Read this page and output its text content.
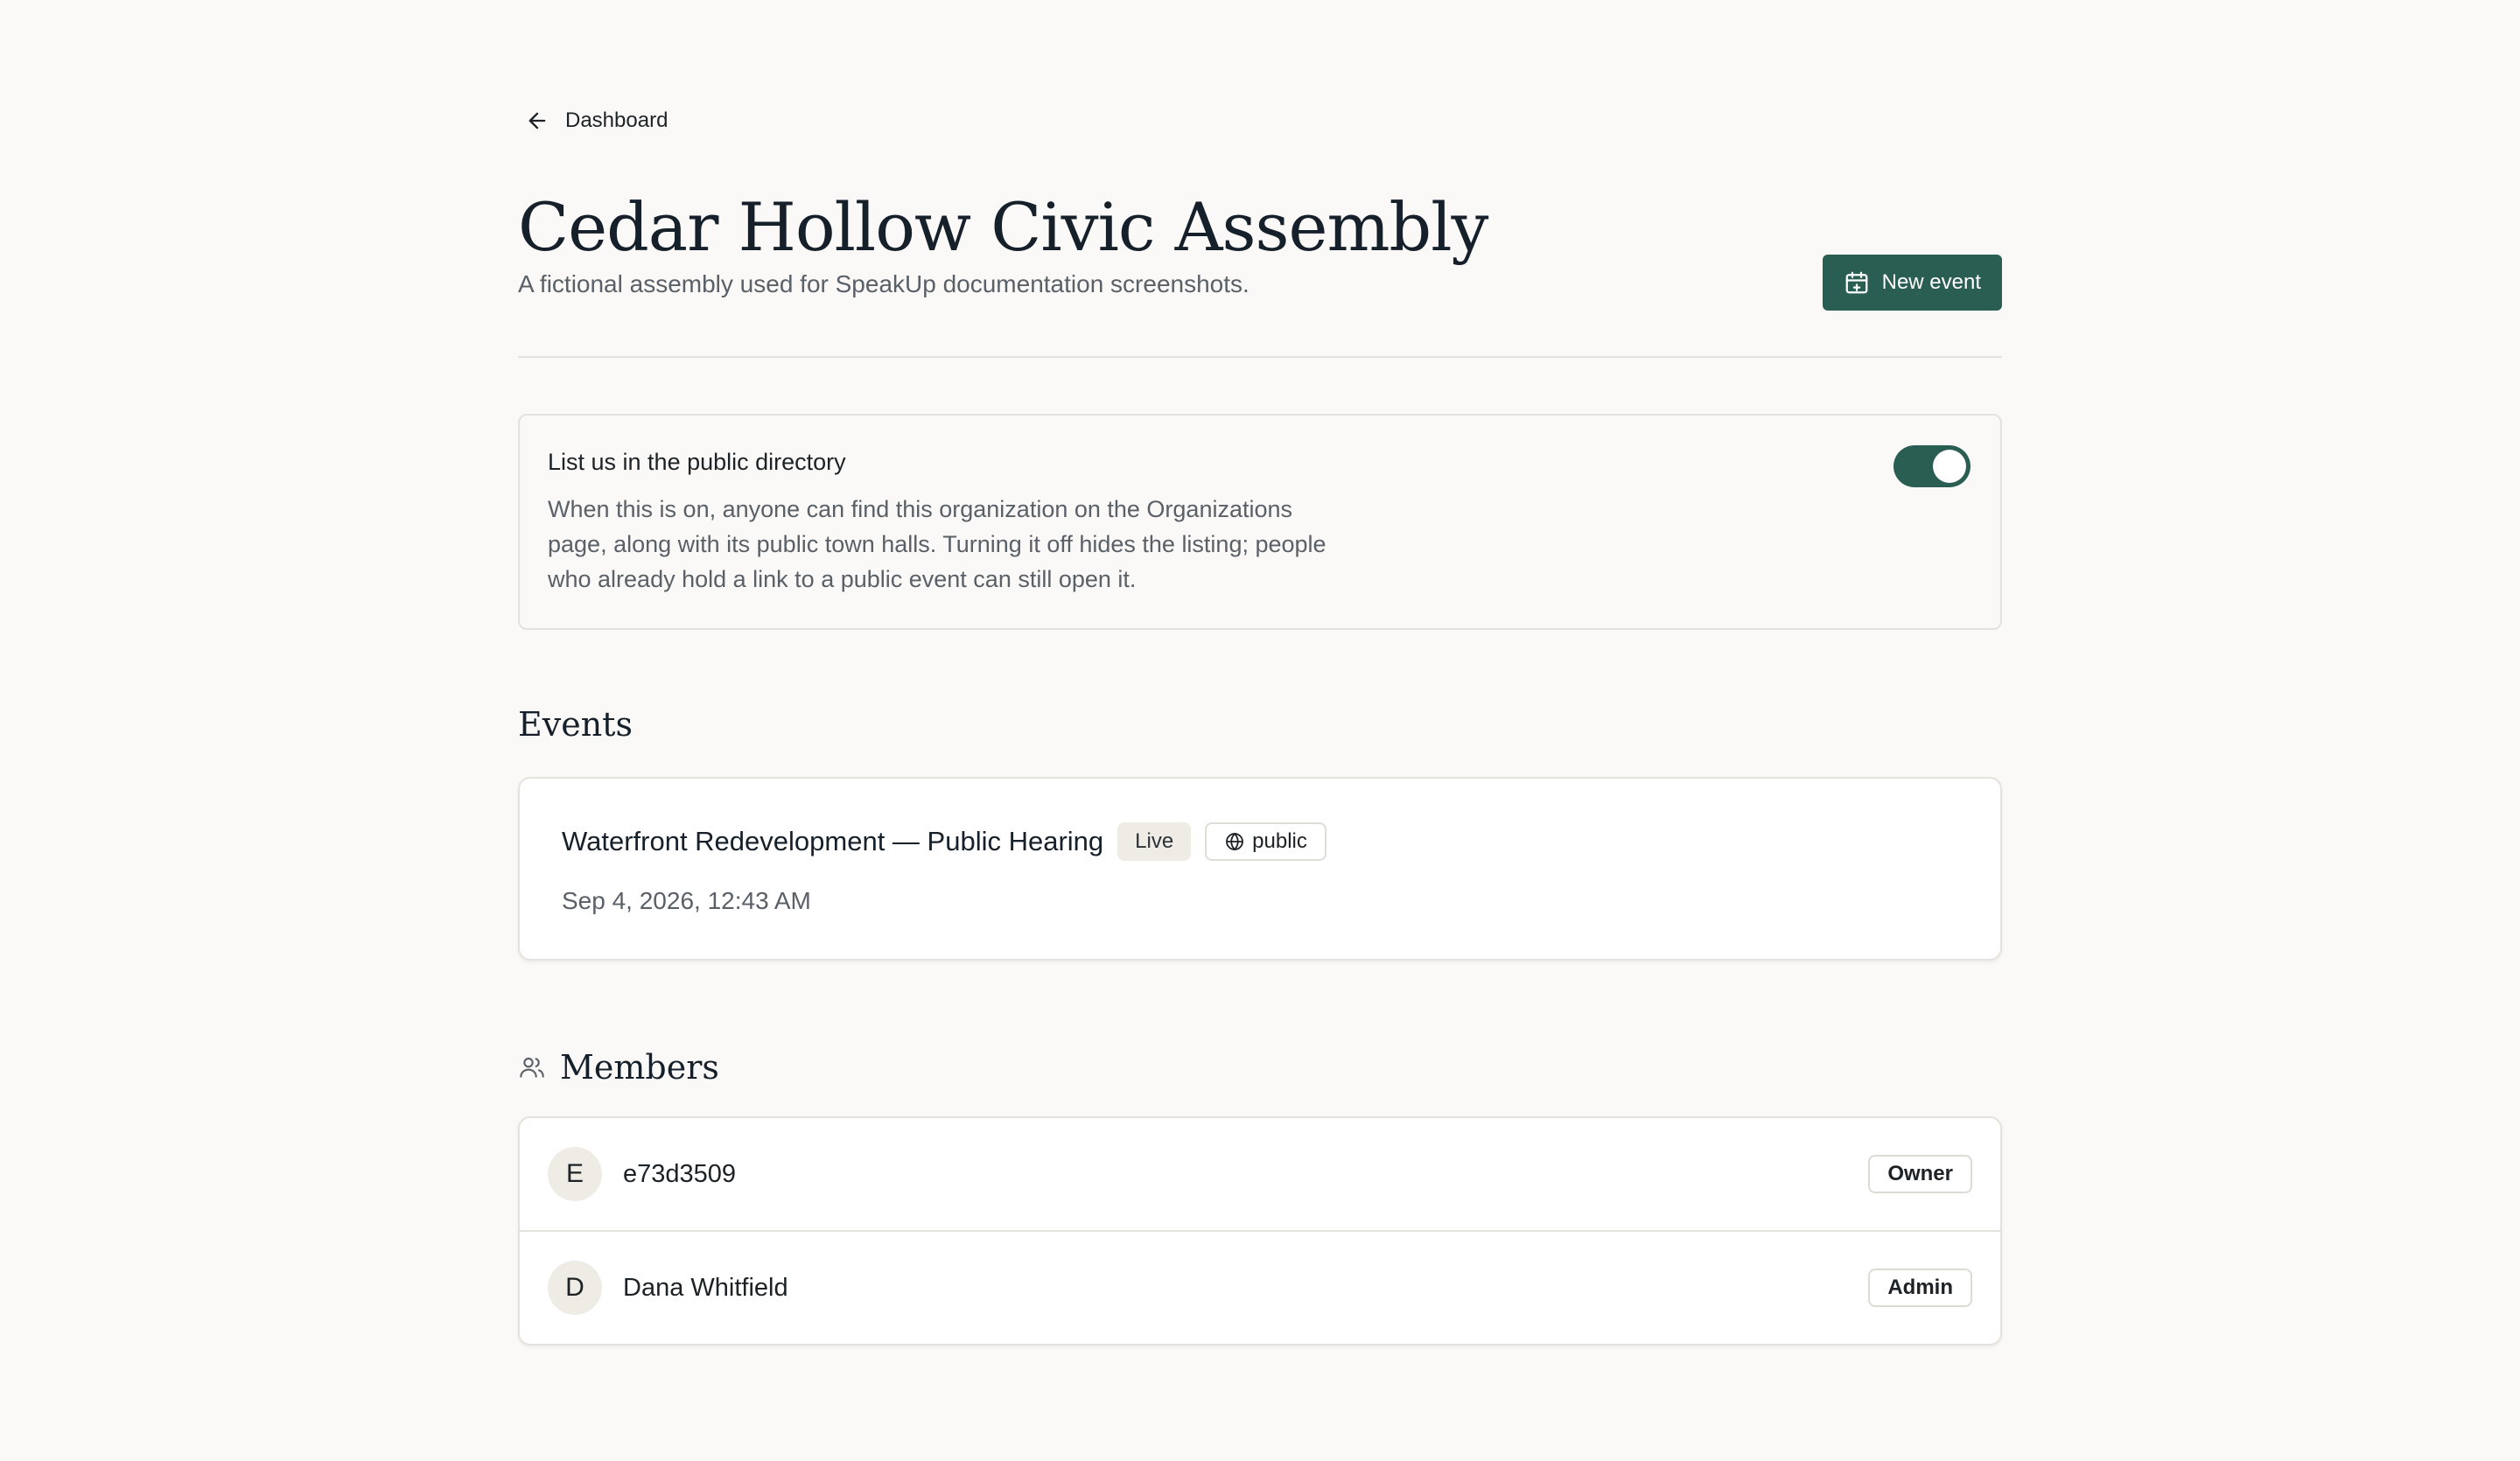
Dashboard
Cedar Hollow Civic Assembly
A fictional assembly used for SpeakUp documentation screenshots.	New event

List us in the public directory

When this is on, anyone can find this organization on the Organizations page, along with its public town halls. Turning it off hides the listing; people who already hold a link to a public event can still open it.
Events
Waterfront Redevelopment — Public Hearing	Live	public
Sep 4, 2026, 12:43 AM
Members
E	e73d3509	Owner
D	Dana Whitfield	Admin
